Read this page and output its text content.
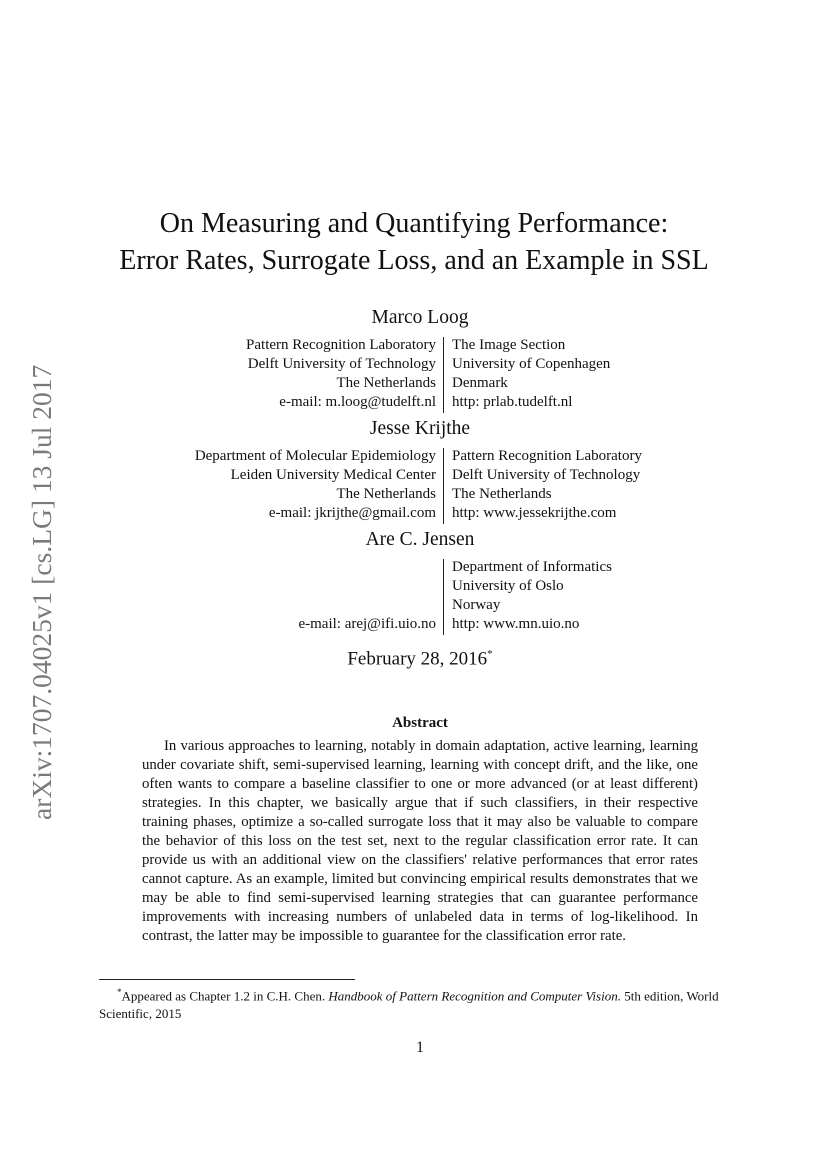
arXiv:1707.04025v1 [cs.LG] 13 Jul 2017
On Measuring and Quantifying Performance:
Error Rates, Surrogate Loss, and an Example in SSL
Marco Loog
Pattern Recognition Laboratory
Delft University of Technology
The Netherlands
e-mail: m.loog@tudelft.nl
The Image Section
University of Copenhagen
Denmark
http: prlab.tudelft.nl
Jesse Krijthe
Department of Molecular Epidemiology
Leiden University Medical Center
The Netherlands
e-mail: jkrijthe@gmail.com
Pattern Recognition Laboratory
Delft University of Technology
The Netherlands
http: www.jessekrijthe.com
Are C. Jensen
e-mail: arej@ifi.uio.no
Department of Informatics
University of Oslo
Norway
http: www.mn.uio.no
February 28, 2016*
Abstract

In various approaches to learning, notably in domain adaptation, active learning, learning under covariate shift, semi-supervised learning, learning with concept drift, and the like, one often wants to compare a baseline classifier to one or more advanced (or at least different) strategies. In this chapter, we basically argue that if such classifiers, in their respective training phases, optimize a so-called surrogate loss that it may also be valuable to compare the behavior of this loss on the test set, next to the regular classification error rate. It can provide us with an additional view on the classifiers' relative performances that error rates cannot capture. As an example, limited but convincing empirical results demonstrates that we may be able to find semi-supervised learning strategies that can guarantee performance improvements with increasing numbers of unlabeled data in terms of log-likelihood. In contrast, the latter may be impossible to guarantee for the classification error rate.

*Appeared as Chapter 1.2 in C.H. Chen. Handbook of Pattern Recognition and Computer Vision. 5th edition, World Scientific, 2015

1
